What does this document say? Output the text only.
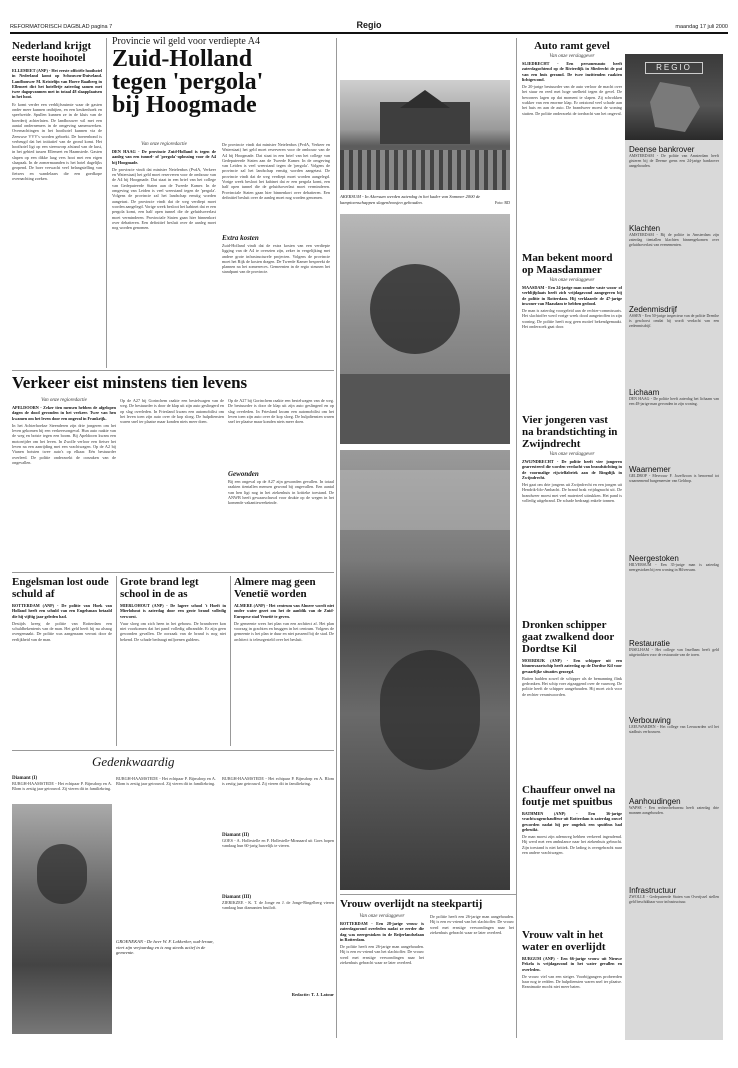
REFORMATORISCH DAGBLAD pagina 7	Regio	maandag 17 juli 2000
Nederland krijgt eerste hooihotel
ELLEMEET (ANP) - Het eerste officiële hooihotel in Nederland komt op Schouwen-Duiveland. Landbouwer M. Kristelijn van Hoeve Baaiberg in Ellemeet dict het hotelletje zaterdag samen met twee dagopvanmen met in totaal 48 slaapplaatsen in het hooi.
Er komt verder een verblijfsruimte waar de gasten onder meer kunnen ontbijten, en een keukenhoek en speelweide. Spullen kunnen ze in de kluis van de boerderij achterlaten. De landbouwer wil met een aantal ondernemers in de omgeving samenwerken. Overnachtingen in het hooihotel kunnen via de Zeeuwse VVV's worden geboekt. De boerenbond is verheugd dat het initiatief van de grond komt. Het hooihotel ligt op een steenworp afstand van de kust, in het gebied tussen Ellemeet en Haamstede. Gasten slapen op een dikke laag vers hooi met een eigen slaapzak. In de zomermaanden is het hotel dagelijks geopend. De boer verwacht veel belangstelling van fietsers en wandelaars die een goedkope overnachting zoeken.
Provincie wil geld voor verdiepte A4
Zuid-Holland tegen 'pergola' bij Hoogmade
Van onze regioredactie
DEN HAAG - De provincie Zuid-Holland is tegen de aanleg van een tunnel- of 'pergola'-oplossing voor de A4 bij Hoogmade.
De provincie vindt dat minister Netelenbos (PvdA, Verkeer en Waterstaat) het geld moet reserveren voor de ombouw van de A4 bij Hoogmade. Dat staat in een brief van het college van Gedeputeerde Staten aan de Tweede Kamer. In de omgeving van Leiden is veel weerstand tegen de 'pergola'. Volgens de provincie zal het landschap ernstig worden aangetast. De provincie vindt dat de weg verdiept moet worden aangelegd. Vorige week besloot het kabinet dat er een pergola komt, een half open tunnel die de geluidsoverlast moet verminderen. Provinciale Staten gaan hier binnenkort over debatteren. Een definitief besluit over de aanleg moet nog worden genomen.
De provincie vindt dat minister Netelenbos (PvdA, Verkeer en Waterstaat) het geld moet reserveren voor de ombouw van de A4 bij Hoogmade. Dat staat in een brief van het college van Gedeputeerde Staten aan de Tweede Kamer. In de omgeving van Leiden is veel weerstand tegen de 'pergola'. Volgens de provincie zal het landschap ernstig worden aangetast. De provincie vindt dat de weg verdiept moet worden aangelegd. Vorige week besloot het kabinet dat er een pergola komt, een half open tunnel die de geluidsoverlast moet verminderen. Provinciale Staten gaan hier binnenkort over debatteren. Een definitief besluit over de aanleg moet nog worden genomen.
Extra kosten
Zuid-Holland vindt dat de extra kosten van een verdiepte ligging van de A4 te overzien zijn, zeker in vergelijking met andere grote infrastructurele projecten. Volgens de provincie moet het Rijk de kosten dragen. De Tweede Kamer bespreekt de plannen na het zomerreces. Gemeenten in de regio steunen het standpunt van de provincie.
AKERSUM - In Akersum werden zaterdag in het kader van Sommer 2000 de kampioenschappen slagenhoosjen gehouden.	Foto: RD
Auto ramt gevel
Van onze verslaggever
SLIEDRECHT - Een personenauto heeft zaterdagochtend op de Rivierdijk in Sliedrecht de pui van een huis geramd. De twee inzittenden raakten lichtgewond.
De 20-jarige bestuurder van de auto verloor de macht over het stuur en reed met hoge snelheid tegen de gevel. De bewoners lagen op dat moment te slapen. Zij schrokken wakker van een enorme klap. Er ontstond veel schade aan het huis en aan de auto. De brandweer moest de woning stutten. De politie onderzoekt de toedracht van het ongeval.
Man bekent moord op Maasdammer
Van onze verslaggever
MAASDAM - Een 24-jarige man zonder vaste woon- of verblijfplaats heeft zich vrijdagavond aangegeven bij de politie in Rotterdam. Hij verklaarde de 47-jarige inwoner van Maasdam te hebben gedood.
De man is zaterdag voorgeleid aan de rechter-commissaris. Het slachtoffer werd vorige week dood aangetroffen in zijn woning. De politie heeft nog geen motief bekendgemaakt. Het onderzoek gaat door.
Vier jongeren vast na brandstichting in Zwijndrecht
Van onze verslaggever
ZWIJNDRECHT - De politie heeft vier jongeren gearresteerd die worden verdacht van brandstichting in de voormalige rijwielfabriek aan de Ringdijk in Zwijndrecht.
Het gaat om drie jongens uit Zwijndrecht en een jongen uit Hendrik-Ido-Ambacht. De brand brak vrijdagnacht uit. De brandweer moest met veel materieel uitrukken. Het pand is volledig uitgebrand. De schade bedraagt enkele tonnen.
Dronken schipper gaat zwalkend door Dordtse Kil
MOERDIJK (ANP) - Een schipper uit een binnenvaartschip heeft zaterdag op de Dordtse Kil voor gevaarlijke situaties gezorgd.
Buiten hadden zowel de schipper als de bemanning flink gedronken. Het schip voer zigzaggend over de vaarweg. De politie heeft de schipper aangehouden. Hij moet zich voor de rechter verantwoorden.
Chauffeur onwel na foutje met spuitbus
BATHMEN (ANP) - Een 36-jarige vrachtwagenchauffeur uit Rotterdam is zaterdag onwel geworden nadat hij per ongeluk een spuitbus had gebruikt.
De man moest zijn ademweg hebben verkeerd ingeademd. Hij werd met een ambulance naar het ziekenhuis gebracht. Zijn toestand is niet kritiek. De lading is overgebracht naar een andere vrachtwagen.
Vrouw valt in het water en overlijdt
BURGUM (ANP) - Een 66-jarige vrouw uit Nieuwe Pekela is vrijdagavond in het water gevallen en overleden.
De vrouw viel van een steiger. Voorbijgangers probeerden haar nog te redden. De hulpdiensten waren snel ter plaatse. Reanimatie mocht niet meer baten.
Verkeer eist minstens tien levens
Van onze regioredactie
APELDOORN - Zeker tien mensen hebben de afgelopen dagen de dood gevonden in het verkeer. Twee van hen kwamen om het leven door een ongeval in Frankrijk.
In het Achterhoekse Steenderen zijn drie jongeren om het leven gekomen bij een verkeersongeval. Hun auto raakte van de weg en botste tegen een boom. Bij Apeldoorn kwam een motorrijder om het leven. In Zwolle verloor een fietser het leven na een aanrijding met een vrachtwagen. Op de A2 bij Vianen botsten twee auto's op elkaar. Eén bestuurder overleed. De politie onderzoekt de oorzaken van de ongevallen.
Op de A27 bij Gorinchem raakte een bestelwagen van de weg. De bestuurder is door de klap uit zijn auto geslingerd en op slag overleden. In Friesland kwam een automobilist om het leven toen zijn auto over de kop sloeg. De hulpdiensten waren snel ter plaatse maar konden niets meer doen.
Op de A27 bij Gorinchem raakte een bestelwagen van de weg. De bestuurder is door de klap uit zijn auto geslingerd en op slag overleden. In Friesland kwam een automobilist om het leven toen zijn auto over de kop sloeg. De hulpdiensten waren snel ter plaatse maar konden niets meer doen.
Gewonden
Bij een ongeval op de A27 zijn gewonden gevallen. In totaal raakten tientallen mensen gewond bij ongevallen. Een aantal van hen ligt nog in het ziekenhuis in kritieke toestand. De ANWB heeft gewaarschuwd voor drukte op de wegen in het komende vakantieweekeinde.
Engelsman lost oude schuld af
ROTTERDAM (ANP) - De politie van Hoek van Holland heeft een schuld van een Engelsman betaald die hij vijftig jaar geleden had.
Destijds kreeg de politie van Rotterdam een schuldbekentenis van de man. Het geld heeft hij nu alsnog overgemaakt. De politie was aangenaam verrast door de eerlijkheid van de man.
Grote brand legt school in de as
MIERLOHOUT (ANP) - De lagere school 't Hoeft in Mierlohout is zaterdag door een grote brand volledig verwoest.
Vuur sloeg om zich heen in het gebouw. De brandweer kon niet voorkomen dat het pand volledig afbrandde. Er zijn geen gewonden gevallen. De oorzaak van de brand is nog niet bekend. De schade bedraagt miljoenen guldens.
Almere mag geen Venetië worden
ALMERE (ANP) - Het centrum van Almere wordt niet onder water gezet om het de aanblik van de Zuid-Europese stad Venetië te geven.
De gemeente wees het plan van een architect af. Het plan voorzag in grachten en bruggen in het centrum. Volgens de gemeente is het plan te duur en niet passend bij de stad. De architect is teleurgesteld over het besluit.
Gedenkwaardig
Diamant (I)
BURGH-HAAMSTEDE - Het echtpaar P. Bijnsdorp en A. Blom is zestig jaar getrouwd. Zij vieren dit in familiekring.
BURGH-HAAMSTEDE - Het echtpaar P. Bijnsdorp en A. Blom is zestig jaar getrouwd. Zij vieren dit in familiekring.
GROENEKAN - De heer W. F. Lekkerker, oud-leraar, viert zijn verjaardag en is nog steeds actief in de gemeente.
BURGH-HAAMSTEDE - Het echtpaar P. Bijnsdorp en A. Blom is zestig jaar getrouwd. Zij vieren dit in familiekring.
Diamant (II)
GOES - A. Hollestelle en F. Hollestelle-Minnaard uit Goes hopen vandaag hun 60-jarig huwelijk te vieren.
Diamant (III)
ZIERIKZEE - K. T. de Jonge en J. de Jonge-Ringelberg vieren vandaag hun diamanten bruiloft.
Redactie: T. J. Latour
Vrouw overlijdt na steekpartij
Van onze verslaggever
ROTTERDAM - Een 28-jarige vrouw is zaterdagavond overleden nadat ze eerder die dag was neergestoken in de Beijerlandselaan in Rotterdam.
De politie heeft een 26-jarige man aangehouden. Hij is een ex-vriend van het slachtoffer. De vrouw werd met ernstige verwondingen naar het ziekenhuis gebracht waar ze later overleed.
De politie heeft een 26-jarige man aangehouden. Hij is een ex-vriend van het slachtoffer. De vrouw werd met ernstige verwondingen naar het ziekenhuis gebracht waar ze later overleed.
REGIO
Deense bankrover
AMSTERDAM - De politie van Amsterdam heeft gisteren bij de Deense grens een 24-jarige bankrover aangehouden.
Klachten
AMSTERDAM - Bij de politie in Amsterdam zijn zaterdag tientallen klachten binnengekomen over geluidsoverlast van evenementen.
Zedenmisdrijf
ASSEN - Een 50-jarige inspecteur van de politie Drenthe is geschorst omdat hij wordt verdacht van een zedenmisdrijf.
Lichaam
DEN HAAG - De politie heeft zaterdag het lichaam van een 48-jarige man gevonden in zijn woning.
Waarnemer
GELDROP - Mevrouw F. Jozeffzoon is benoemd tot waarnemend burgemeester van Geldrop.
Neergestoken
HILVERSUM - Een 35-jarige man is zaterdag neergestoken bij een woning in Hilversum.
Restauratie
INSELHAM - Het college van Inselham heeft geld uitgetrokken voor de restauratie van de toren.
Verbouwing
LEEUWARDEN - Het college van Leeuwarden wil het stadhuis verbouwen.
Aanhoudingen
WAPSE - Een recherchebureau heeft zaterdag drie mannen aangehouden.
Infrastructuur
ZWOLLE - Gedeputeerde Staten van Overijssel stellen geld beschikbaar voor infrastructuur.
